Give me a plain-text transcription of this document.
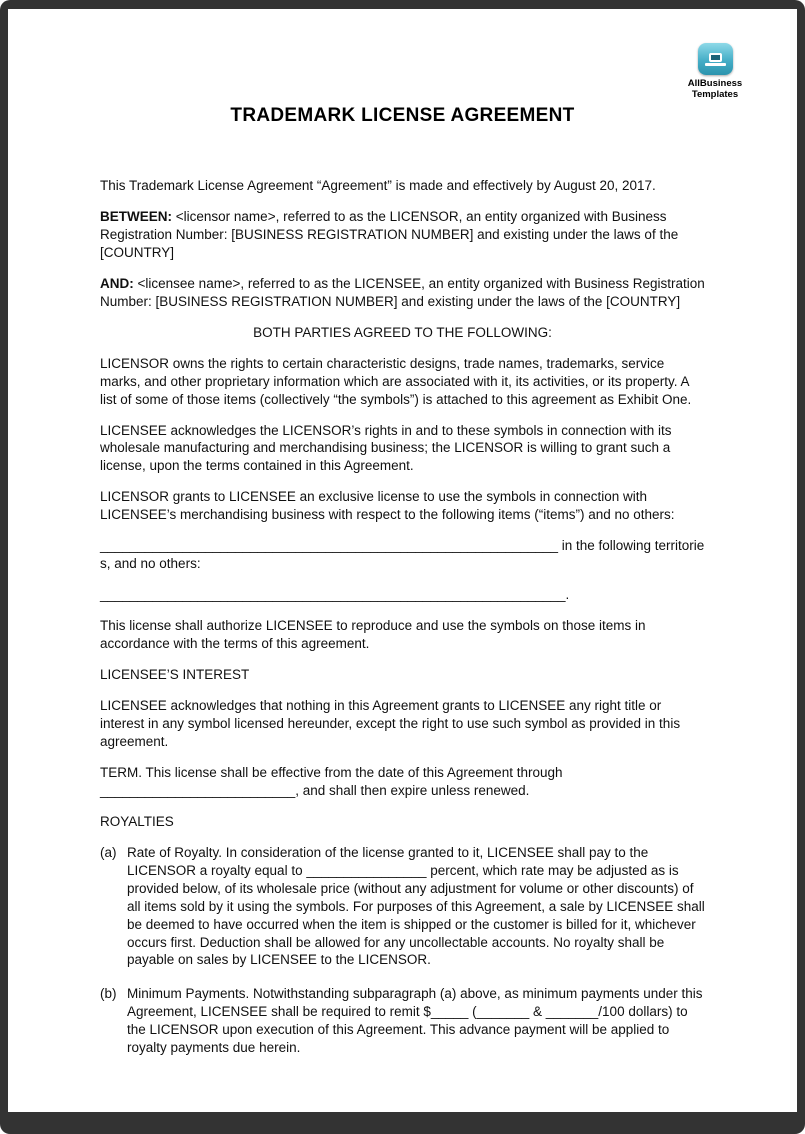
AllBusiness
Templates
TRADEMARK LICENSE AGREEMENT

This Trademark License Agreement “Agreement” is made and effectively by August 20, 2017.

BETWEEN: <licensor name>, referred to as the LICENSOR, an entity organized with Business Registration Number: [BUSINESS REGISTRATION NUMBER] and existing under the laws of the [COUNTRY]

AND: <licensee name>, referred to as the LICENSEE, an entity organized with Business Registration Number: [BUSINESS REGISTRATION NUMBER] and existing under the laws of the [COUNTRY]

BOTH PARTIES AGREED TO THE FOLLOWING:

LICENSOR owns the rights to certain characteristic designs, trade names, trademarks, service marks, and other proprietary information which are associated with it, its activities, or its property. A list of some of those items (collectively “the symbols”) is attached to this agreement as Exhibit One.

LICENSEE acknowledges the LICENSOR’s rights in and to these symbols in connection with its wholesale manufacturing and merchandising business; the LICENSOR is willing to grant such a license, upon the terms contained in this Agreement.

LICENSOR grants to LICENSEE an exclusive license to use the symbols in connection with LICENSEE’s merchandising business with respect to the following items (“items”) and no others:

_____________________________________________________________ in the following territories, and no others:

______________________________________________________________.

This license shall authorize LICENSEE to reproduce and use the symbols on those items in accordance with the terms of this agreement.

LICENSEE’S INTEREST

LICENSEE acknowledges that nothing in this Agreement grants to LICENSEE any right title or interest in any symbol licensed hereunder, except the right to use such symbol as provided in this agreement.

TERM. This license shall be effective from the date of this Agreement through __________________________, and shall then expire unless renewed.

ROYALTIES

(a) Rate of Royalty. In consideration of the license granted to it, LICENSEE shall pay to the LICENSOR a royalty equal to ________________ percent, which rate may be adjusted as is provided below, of its wholesale price (without any adjustment for volume or other discounts) of all items sold by it using the symbols. For purposes of this Agreement, a sale by LICENSEE shall be deemed to have occurred when the item is shipped or the customer is billed for it, whichever occurs first. Deduction shall be allowed for any uncollectable accounts. No royalty shall be payable on sales by LICENSEE to the LICENSOR.
(b) Minimum Payments. Notwithstanding subparagraph (a) above, as minimum payments under this Agreement, LICENSEE shall be required to remit $_____ (_______ & _______/100 dollars) to the LICENSOR upon execution of this Agreement. This advance payment will be applied to royalty payments due herein.
